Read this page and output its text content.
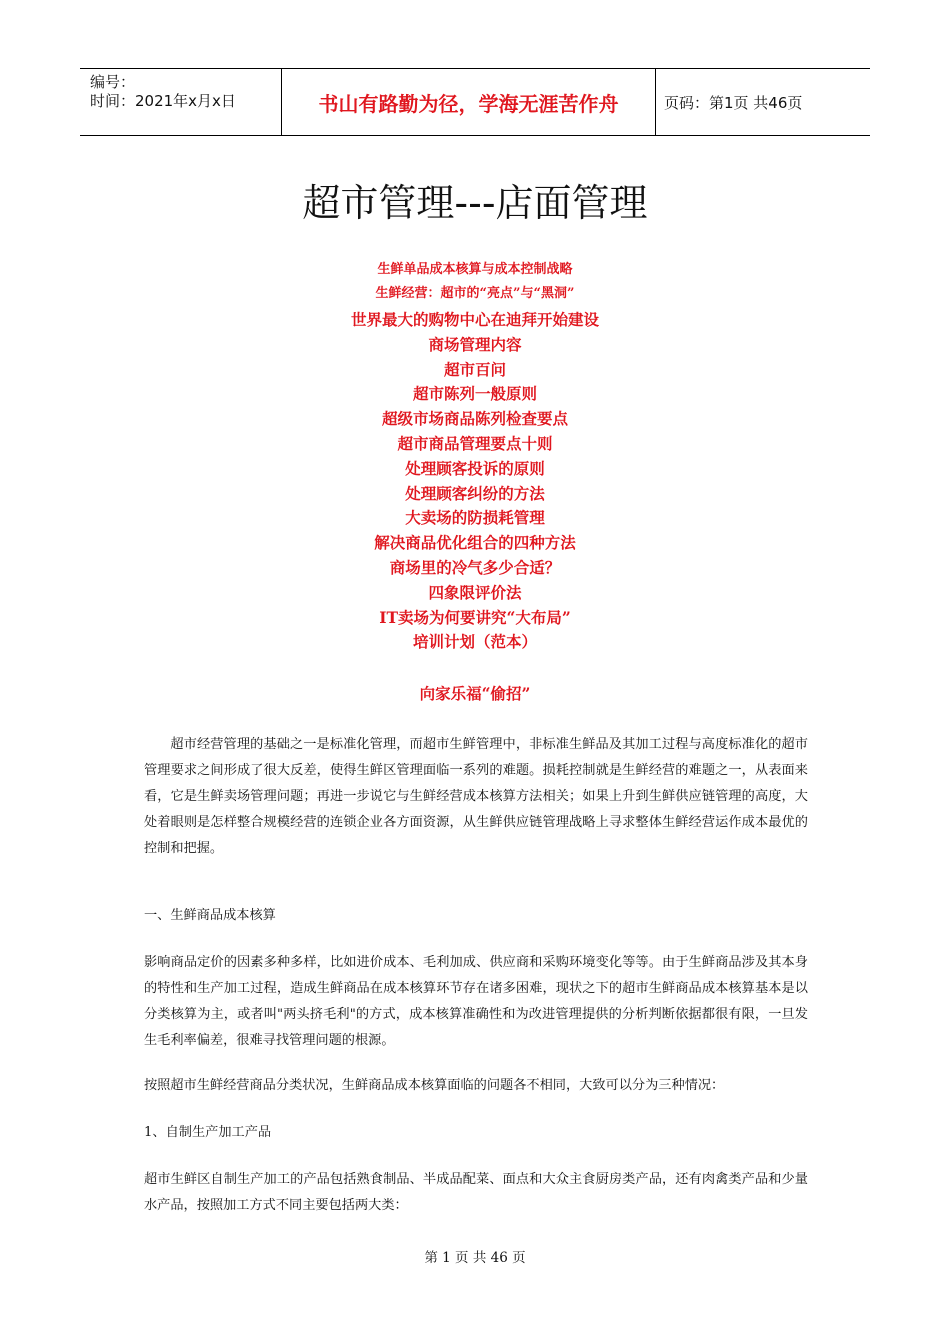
编号：
时间：2021年x月x日	书山有路勤为径，学海无涯苦作舟	页码：第1页 共46页
超市管理---店面管理
生鲜单品成本核算与成本控制战略
生鲜经营：超市的“亮点”与“黑洞”
世界最大的购物中心在迪拜开始建设
商场管理内容
超市百问
超市陈列一般原则
超级市场商品陈列检查要点
超市商品管理要点十则
处理顾客投诉的原则
处理顾客纠纷的方法
大卖场的防损耗管理
解决商品优化组合的四种方法
商场里的冷气多少合适？
四象限评价法
IT卖场为何要讲究“大布局”
培训计划（范本）
向家乐福“偷招”
超市经营管理的基础之一是标准化管理，而超市生鲜管理中，非标准生鲜品及其加工过程与高度标准化的超市管理要求之间形成了很大反差，使得生鲜区管理面临一系列的难题。损耗控制就是生鲜经营的难题之一，从表面来看，它是生鲜卖场管理问题；再进一步说它与生鲜经营成本核算方法相关；如果上升到生鲜供应链管理的高度，大处着眼则是怎样整合规模经营的连锁企业各方面资源，从生鲜供应链管理战略上寻求整体生鲜经营运作成本最优的控制和把握。
一、生鲜商品成本核算
影响商品定价的因素多种多样，比如进价成本、毛利加成、供应商和采购环境变化等等。由于生鲜商品涉及其本身的特性和生产加工过程，造成生鲜商品在成本核算环节存在诸多困难，现状之下的超市生鲜商品成本核算基本是以分类核算为主，或者叫"两头挤毛利"的方式，成本核算准确性和为改进管理提供的分析判断依据都很有限，一旦发生毛利率偏差，很难寻找管理问题的根源。
按照超市生鲜经营商品分类状况，生鲜商品成本核算面临的问题各不相同，大致可以分为三种情况：
1、自制生产加工产品
超市生鲜区自制生产加工的产品包括熟食制品、半成品配菜、面点和大众主食厨房类产品，还有肉禽类产品和少量水产品，按照加工方式不同主要包括两大类：
第 1 页 共 46 页
